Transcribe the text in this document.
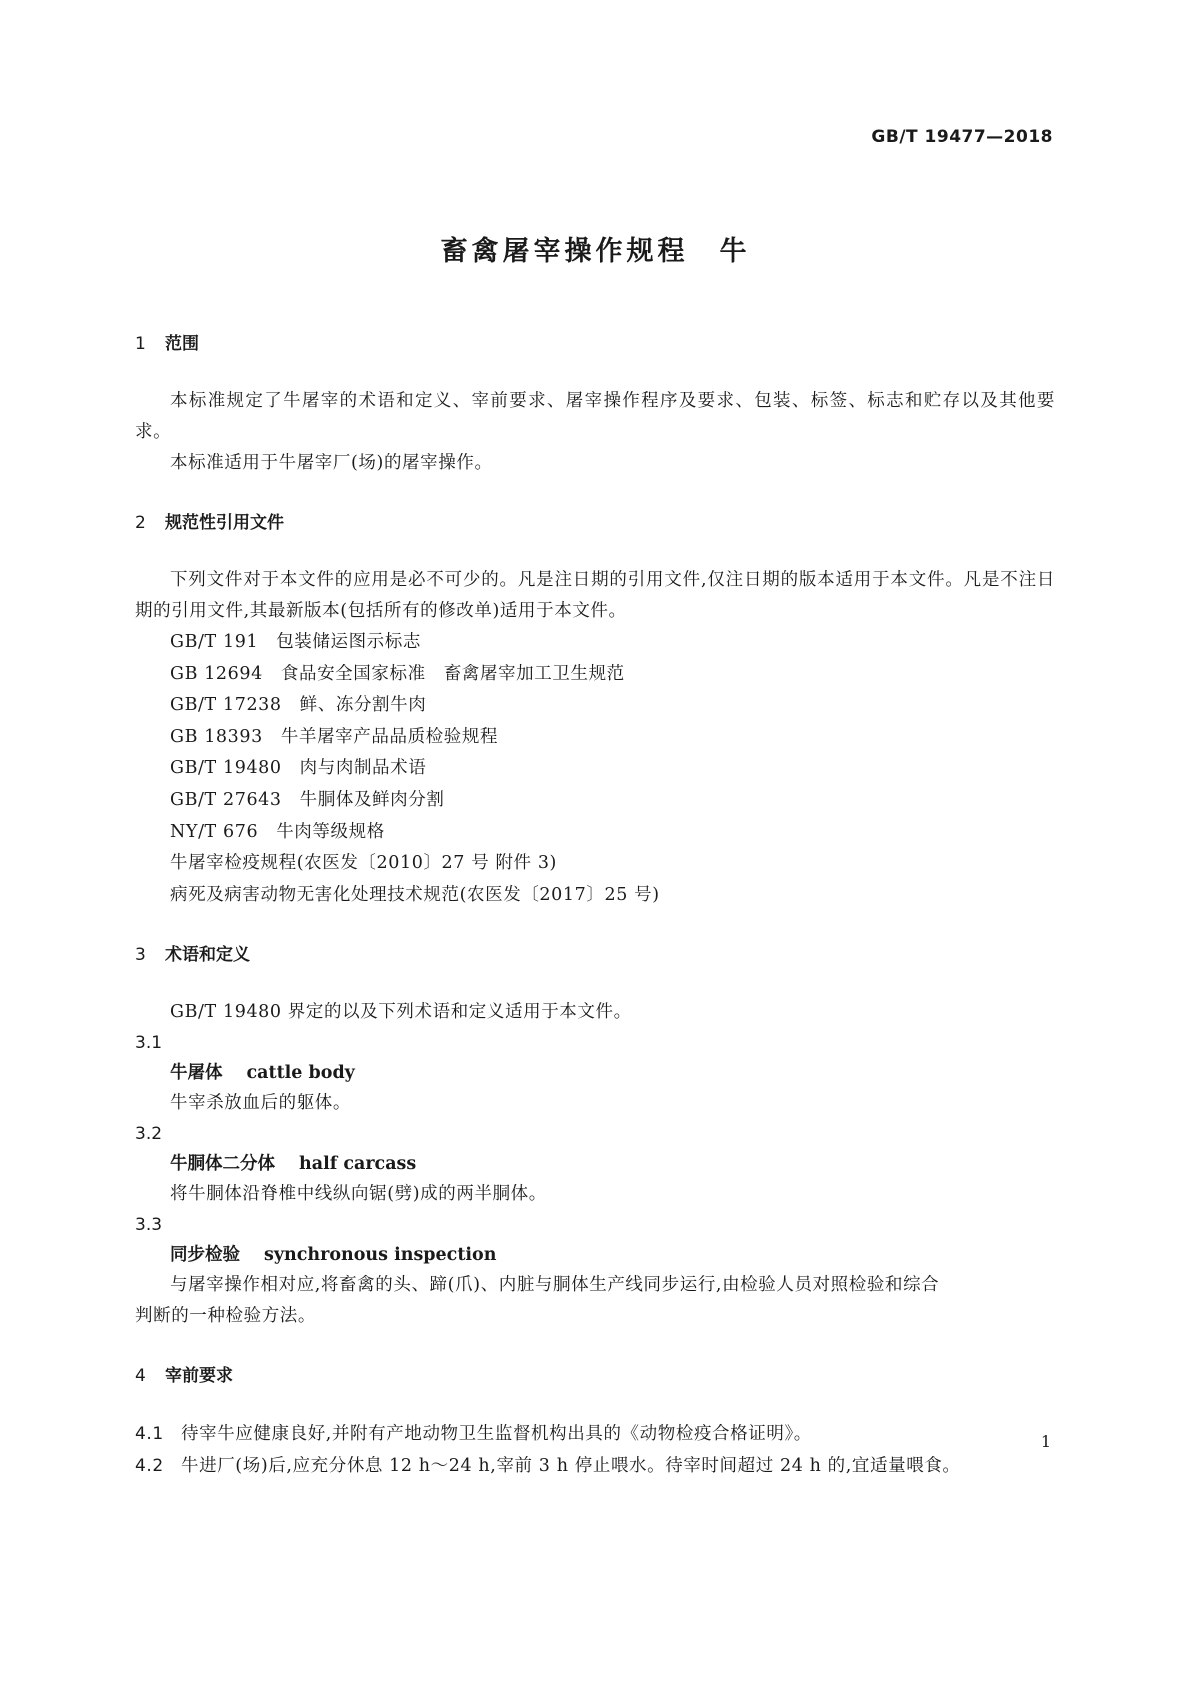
GB/T 19477—2018
畜禽屠宰操作规程　牛
1	范围

本标准规定了牛屠宰的术语和定义、宰前要求、屠宰操作程序及要求、包装、标签、标志和贮存以及其他要求。

本标准适用于牛屠宰厂(场)的屠宰操作。

2	规范性引用文件

下列文件对于本文件的应用是必不可少的。凡是注日期的引用文件,仅注日期的版本适用于本文件。凡是不注日期的引用文件,其最新版本(包括所有的修改单)适用于本文件。

GB/T 191 包装储运图示标志

GB 12694 食品安全国家标准　畜禽屠宰加工卫生规范

GB/T 17238 鲜、冻分割牛肉

GB 18393 牛羊屠宰产品品质检验规程

GB/T 19480 肉与肉制品术语

GB/T 27643 牛胴体及鲜肉分割

NY/T 676 牛肉等级规格

牛屠宰检疫规程(农医发〔2010〕27 号 附件 3)

病死及病害动物无害化处理技术规范(农医发〔2017〕25 号)

3	术语和定义

GB/T 19480 界定的以及下列术语和定义适用于本文件。

3.1

牛屠体 cattle body

牛宰杀放血后的躯体。

3.2

牛胴体二分体 half carcass

将牛胴体沿脊椎中线纵向锯(劈)成的两半胴体。

3.3

同步检验 synchronous inspection

与屠宰操作相对应,将畜禽的头、蹄(爪)、内脏与胴体生产线同步运行,由检验人员对照检验和综合

判断的一种检验方法。

4	宰前要求

4.1 待宰牛应健康良好,并附有产地动物卫生监督机构出具的《动物检疫合格证明》。

4.2 牛进厂(场)后,应充分休息 12 h～24 h,宰前 3 h 停止喂水。待宰时间超过 24 h 的,宜适量喂食。

1
